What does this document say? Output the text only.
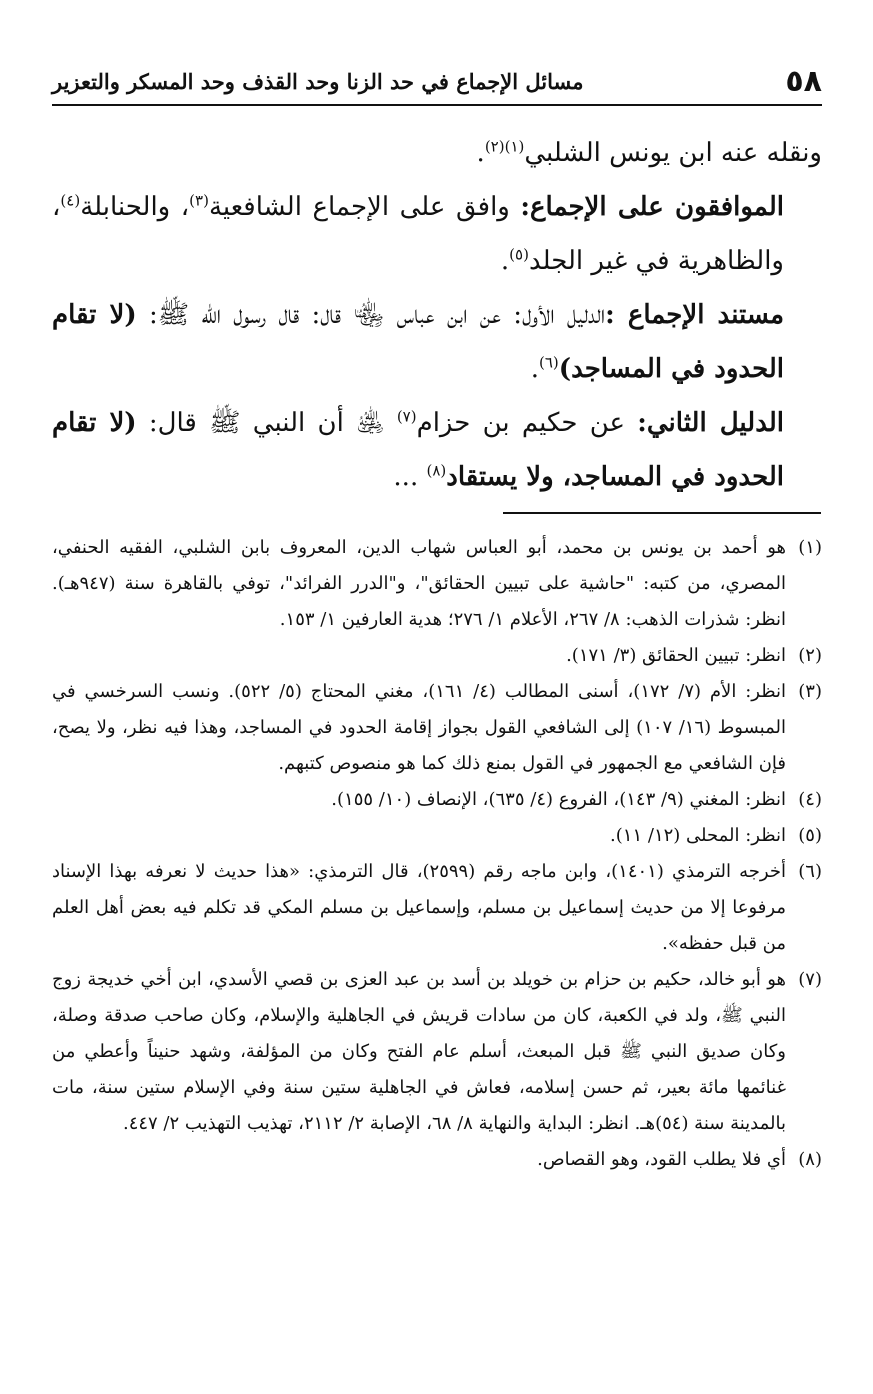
٥٨
مسائل الإجماع في حد الزنا وحد القذف وحد المسكر والتعزير

ونقله عنه ابن يونس الشلبي$^{(١)(٢)}$.

الموافقون على الإجماع: وافق على الإجماع الشافعية$^{(٣)}$، والحنابلة$^{(٤)}$، والظاهرية في غير الجلد$^{(٥)}$.

مستند الإجماع :الدليل الأول: عن ابن عباس ﵄ قال: قال رسول الله ﷺ: (لا تقام الحدود في المساجد)$^{(٦)}$.

الدليل الثاني: عن حكيم بن حزام$^{(٧)}$ ﵁ أن النبي ﷺ قال: (لا تقام الحدود في المساجد، ولا يستقاد$^{(٨)}$ ...

(١)
هو أحمد بن يونس بن محمد، أبو العباس شهاب الدين، المعروف بابن الشلبي، الفقيه الحنفي، المصري، من كتبه: "حاشية على تبيين الحقائق"، و"الدرر الفرائد"، توفي بالقاهرة سنة (٩٤٧هـ). انظر: شذرات الذهب: ٨/ ٢٦٧، الأعلام ١/ ٢٧٦؛ هدية العارفين ١/ ١٥٣.

(٢)
انظر: تبيين الحقائق (٣/ ١٧١).

(٣)
انظر: الأم (٧/ ١٧٢)، أسنى المطالب (٤/ ١٦١)، مغني المحتاج (٥/ ٥٢٢). ونسب السرخسي في المبسوط (١٦/ ١٠٧) إلى الشافعي القول بجواز إقامة الحدود في المساجد، وهذا فيه نظر، ولا يصح، فإن الشافعي مع الجمهور في القول بمنع ذلك كما هو منصوص كتبهم.

(٤)
انظر: المغني (٩/ ١٤٣)، الفروع (٤/ ٦٣٥)، الإنصاف (١٠/ ١٥٥).

(٥)
انظر: المحلى (١٢/ ١١).

(٦)
أخرجه الترمذي (١٤٠١)، وابن ماجه رقم (٢٥٩٩)، قال الترمذي: «هذا حديث لا نعرفه بهذا الإسناد مرفوعا إلا من حديث إسماعيل بن مسلم، وإسماعيل بن مسلم المكي قد تكلم فيه بعض أهل العلم من قبل حفظه».

(٧)
هو أبو خالد، حكيم بن حزام بن خويلد بن أسد بن عبد العزى بن قصي الأسدي، ابن أخي خديجة زوج النبي ﷺ، ولد في الكعبة، كان من سادات قريش في الجاهلية والإسلام، وكان صاحب صدقة وصلة، وكان صديق النبي ﷺ قبل المبعث، أسلم عام الفتح وكان من المؤلفة، وشهد حنيناً وأعطي من غنائمها مائة بعير، ثم حسن إسلامه، فعاش في الجاهلية ستين سنة وفي الإسلام ستين سنة، مات بالمدينة سنة (٥٤)هـ. انظر: البداية والنهاية ٨/ ٦٨، الإصابة ٢/ ٢١١٢، تهذيب التهذيب ٢/ ٤٤٧.

(٨)
أي فلا يطلب القود، وهو القصاص.
